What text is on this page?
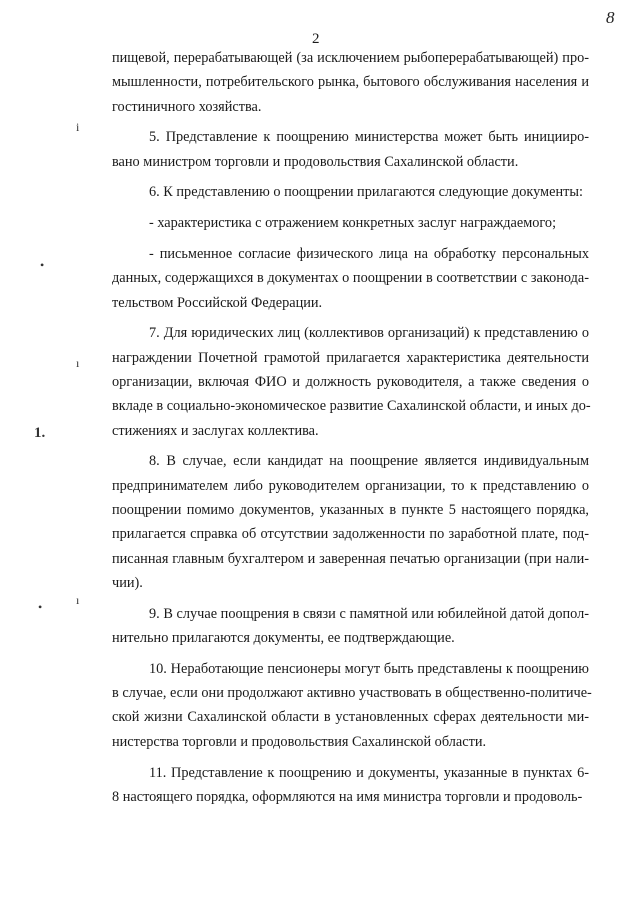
8
2
i
•
ı
1.
ı
•
пищевой, перерабатывающей (за исключением рыбоперерабатывающей) про-
мышленности, потребительского рынка, бытового обслуживания населения и
гостиничного хозяйства.
5. Представление к поощрению министерства может быть инициирo-
вано министром торговли и продовольствия Сахалинской области.
6. К представлению о поощрении прилагаются следующие документы:
- характеристика с отражением конкретных заслуг награждаемого;
- письменное согласие физического лица на обработку персональных
данных, содержащихся в документах о поощрении в соответствии с законода-
тельством Российской Федерации.
7. Для юридических лиц (коллективов организаций) к представлению о
награждении Почетной грамотой прилагается характеристика деятельности
организации, включая ФИО и должность руководителя, а также сведения о
вкладе в социально-экономическое развитие Сахалинской области, и иных до-
стижениях и заслугах коллектива.
8. В случае, если кандидат на поощрение является индивидуальным
предпринимателем либо руководителем организации, то к представлению о
поощрении помимо документов, указанных в пункте 5 настоящего порядка,
прилагается справка об отсутствии задолженности по заработной плате, под-
писанная главным бухгалтером и заверенная печатью организации (при нали-
чии).
9. В случае поощрения в связи с памятной или юбилейной датой допол-
нительно прилагаются документы, ее подтверждающие.
10. Неработающие пенсионеры могут быть представлены к поощрению
в случае, если они продолжают активно участвовать в общественно-политиче-
ской жизни Сахалинской области в установленных сферах деятельности ми-
нистерства торговли и продовольствия Сахалинской области.
11. Представление к поощрению и документы, указанные в пунктах 6-
8 настоящего порядка, оформляются на имя министра торговли и продоволь-
